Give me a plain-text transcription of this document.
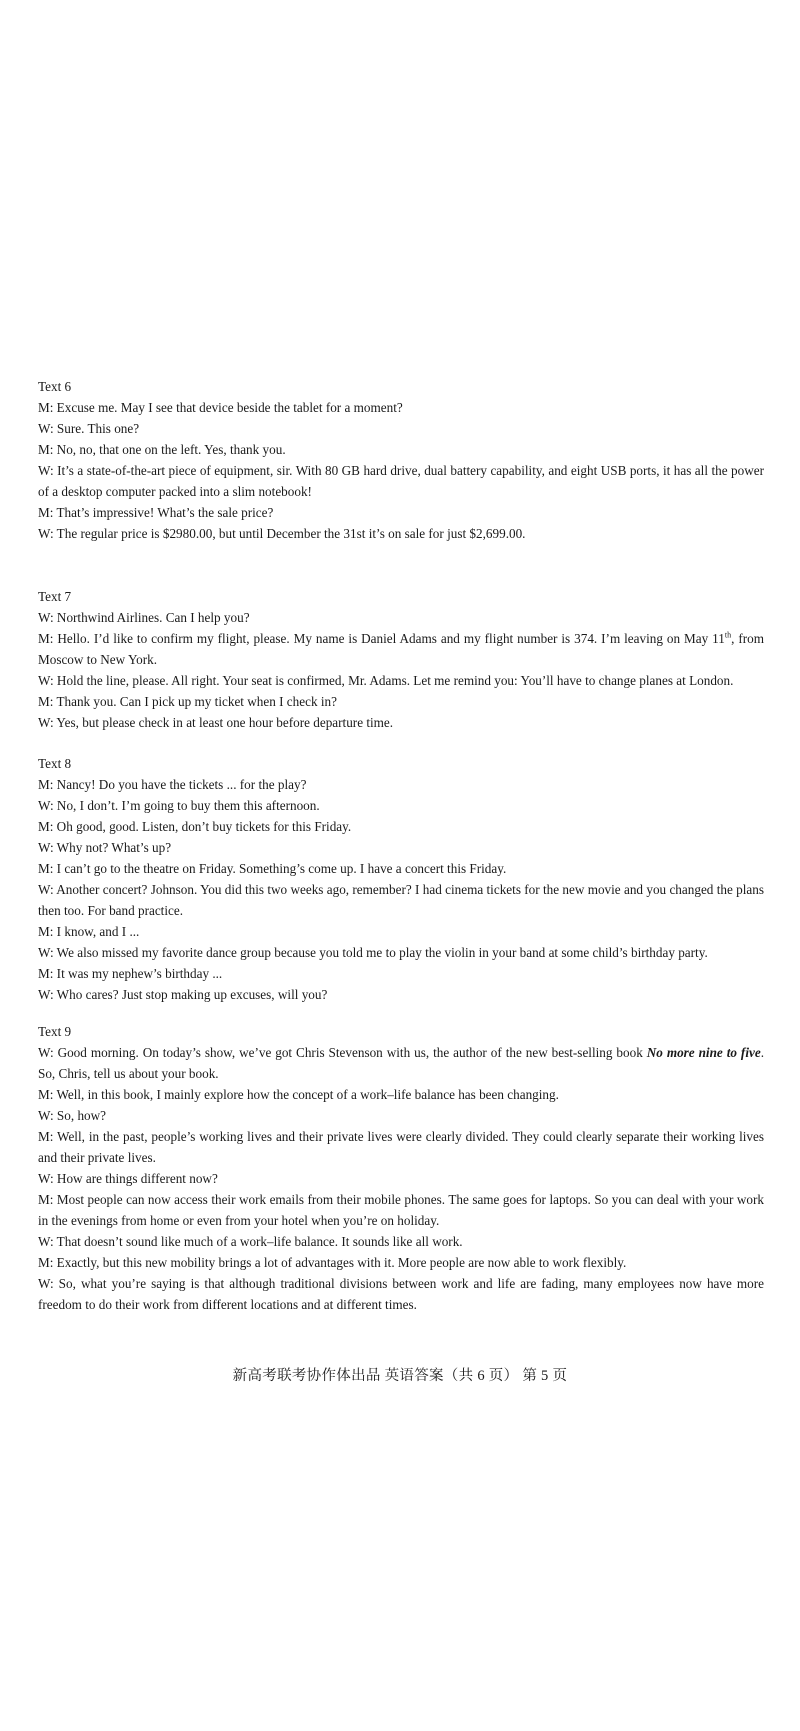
Text 6

M: Excuse me. May I see that device beside the tablet for a moment?

W: Sure. This one?

M: No, no, that one on the left. Yes, thank you.

W: It’s a state-of-the-art piece of equipment, sir. With 80 GB hard drive, dual battery capability, and eight USB ports, it has all the power of a desktop computer packed into a slim notebook!

M: That’s impressive! What’s the sale price?

W: The regular price is $2980.00, but until December the 31st it’s on sale for just $2,699.00.

Text 7

W: Northwind Airlines. Can I help you?

M: Hello. I’d like to confirm my flight, please. My name is Daniel Adams and my flight number is 374. I’m leaving on May 11th, from Moscow to New York.

W: Hold the line, please. All right. Your seat is confirmed, Mr. Adams. Let me remind you: You’ll have to change planes at London.

M: Thank you. Can I pick up my ticket when I check in?

W: Yes, but please check in at least one hour before departure time.

Text 8

M: Nancy! Do you have the tickets ... for the play?

W: No, I don’t. I’m going to buy them this afternoon.

M: Oh good, good. Listen, don’t buy tickets for this Friday.

W: Why not? What’s up?

M: I can’t go to the theatre on Friday. Something’s come up. I have a concert this Friday.

W: Another concert? Johnson. You did this two weeks ago, remember? I had cinema tickets for the new movie and you changed the plans then too. For band practice.

M: I know, and I ...

W: We also missed my favorite dance group because you told me to play the violin in your band at some child’s birthday party.

M: It was my nephew’s birthday ...

W: Who cares? Just stop making up excuses, will you?

Text 9

W: Good morning. On today’s show, we’ve got Chris Stevenson with us, the author of the new best-selling book No more nine to five. So, Chris, tell us about your book.

M: Well, in this book, I mainly explore how the concept of a work–life balance has been changing.

W: So, how?

M: Well, in the past, people’s working lives and their private lives were clearly divided. They could clearly separate their working lives and their private lives.

W: How are things different now?

M: Most people can now access their work emails from their mobile phones. The same goes for laptops. So you can deal with your work in the evenings from home or even from your hotel when you’re on holiday.

W: That doesn’t sound like much of a work–life balance. It sounds like all work.

M: Exactly, but this new mobility brings a lot of advantages with it. More people are now able to work flexibly.

W: So, what you’re saying is that although traditional divisions between work and life are fading, many employees now have more freedom to do their work from different locations and at different times.

新高考联考协作体出品 英语答案（共 6 页） 第 5 页
